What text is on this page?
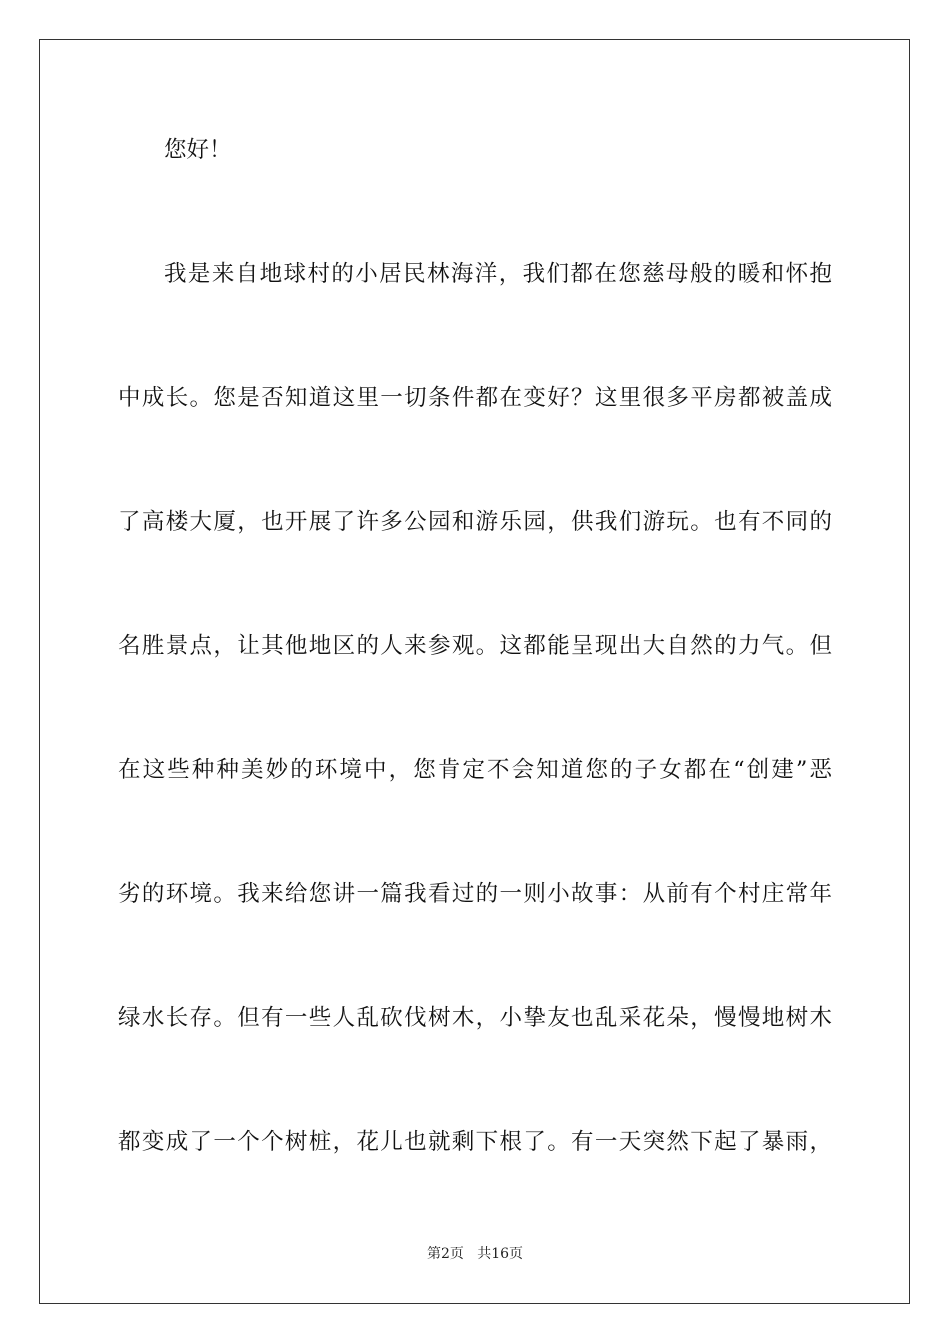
您好！
我是来自地球村的小居民林海洋，我们都在您慈母般的暖和怀抱
中成长。您是否知道这里一切条件都在变好？这里很多平房都被盖成
了高楼大厦，也开展了许多公园和游乐园，供我们游玩。也有不同的
名胜景点，让其他地区的人来参观。这都能呈现出大自然的力气。但
在这些种种美妙的环境中，您肯定不会知道您的子女都在“创建”恶
劣的环境。我来给您讲一篇我看过的一则小故事：从前有个村庄常年
绿水长存。但有一些人乱砍伐树木，小挚友也乱采花朵，慢慢地树木
都变成了一个个树桩，花儿也就剩下根了。有一天突然下起了暴雨，
第2页   共16页
